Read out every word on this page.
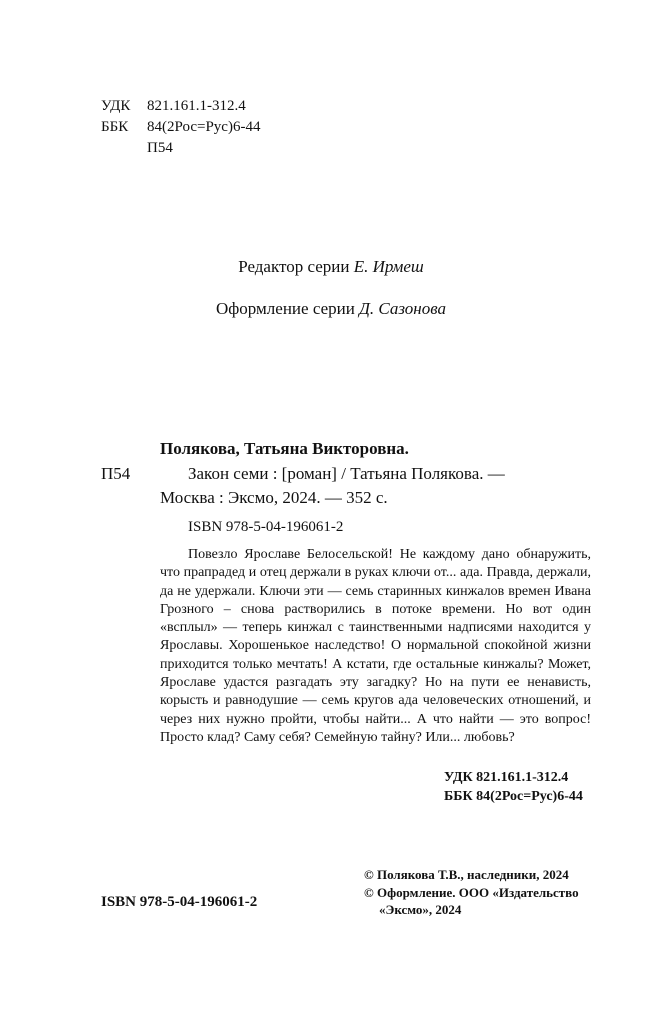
УДК	821.161.1-312.4
ББК	84(2Рос=Рус)6-44
П54
Редактор серии Е. Ирмеш
Оформление серии Д. Сазонова
Полякова, Татьяна Викторовна.
П54	Закон семи : [роман] / Татьяна Полякова. —
Москва : Эксмо, 2024. — 352 с.
ISBN 978-5-04-196061-2

Повезло Ярославе Белосельской! Не каждому дано обнаружить, что прапрадед и отец держали в руках ключи от... ада. Правда, держали, да не удержали. Ключи эти — семь старинных кинжалов времен Ивана Грозного – снова растворились в потоке времени. Но вот один «всплыл» — теперь кинжал с таинственными надписями находится у Ярославы. Хорошенькое наследство! О нормальной спокойной жизни приходится только мечтать! А кстати, где остальные кинжалы? Может, Ярославе удастся разгадать эту загадку? Но на пути ее ненависть, корысть и равнодушие — семь кругов ада человеческих отношений, и через них нужно пройти, чтобы найти... А что найти — это вопрос! Просто клад? Саму себя? Семейную тайну? Или... любовь?

УДК 821.161.1-312.4
ББК 84(2Рос=Рус)6-44
© Полякова Т.В., наследники, 2024
© Оформление. ООО «Издательство
«Эксмо», 2024
ISBN 978-5-04-196061-2
